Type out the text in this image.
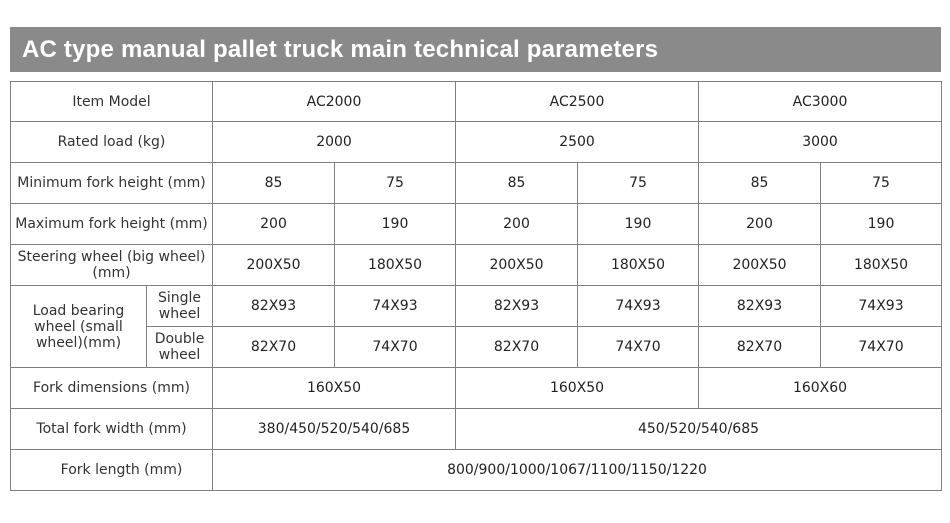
AC type manual pallet truck main technical parameters
Item Model		AC2000		AC2500		AC3000	
Rated load (kg)		2000		2500		3000	
Minimum fork height (mm)		85	75	85	75	85	75
Maximum fork height (mm)		200	190	200	190	200	190
Steering wheel (big wheel) (mm)		200X50	180X50	200X50	180X50	200X50	180X50
Load bearing wheel (small wheel)(mm)	Single wheel	82X93	74X93	82X93	74X93	82X93	74X93
	Double wheel	82X70	74X70	82X70	74X70	82X70	74X70
Fork dimensions (mm)		160X50		160X50		160X60	
Total fork width (mm)		380/450/520/540/685		450/520/540/685			
Fork length (mm)		800/900/1000/1067/1100/1150/1220					
